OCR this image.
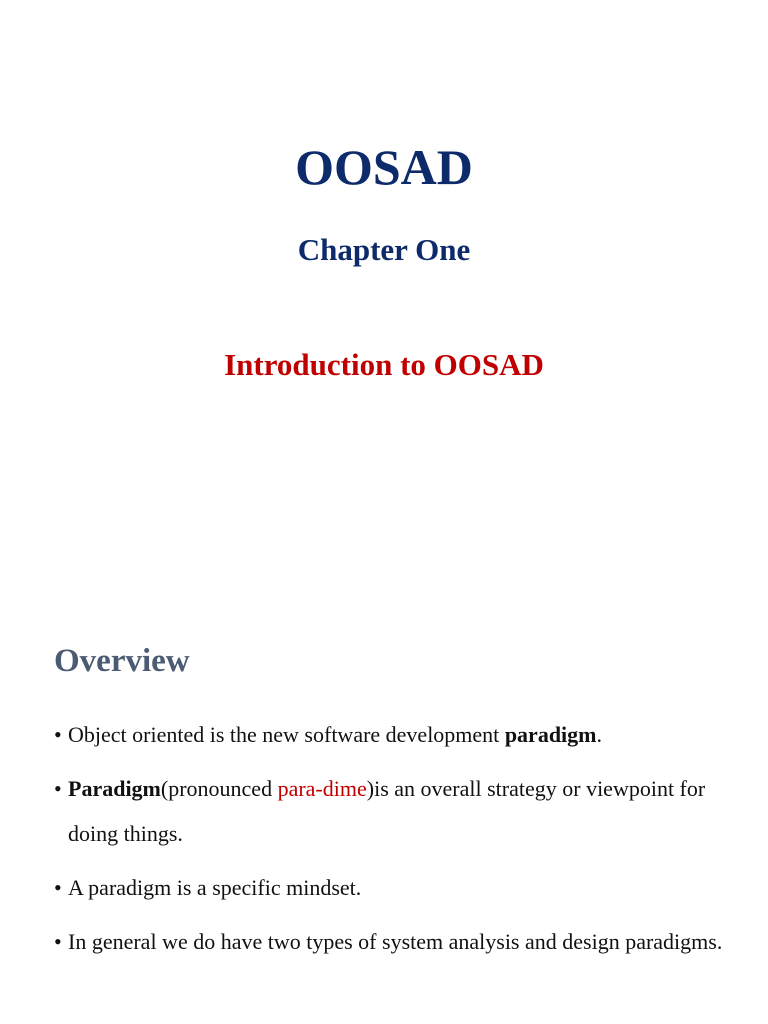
OOSAD
Chapter One
Introduction to OOSAD
Overview
• Object oriented is the new software development paradigm.
• Paradigm(pronounced para-dime)is an overall strategy or viewpoint for doing things.
• A paradigm is a specific mindset.
• In general we do have two types of system analysis and design paradigms.
